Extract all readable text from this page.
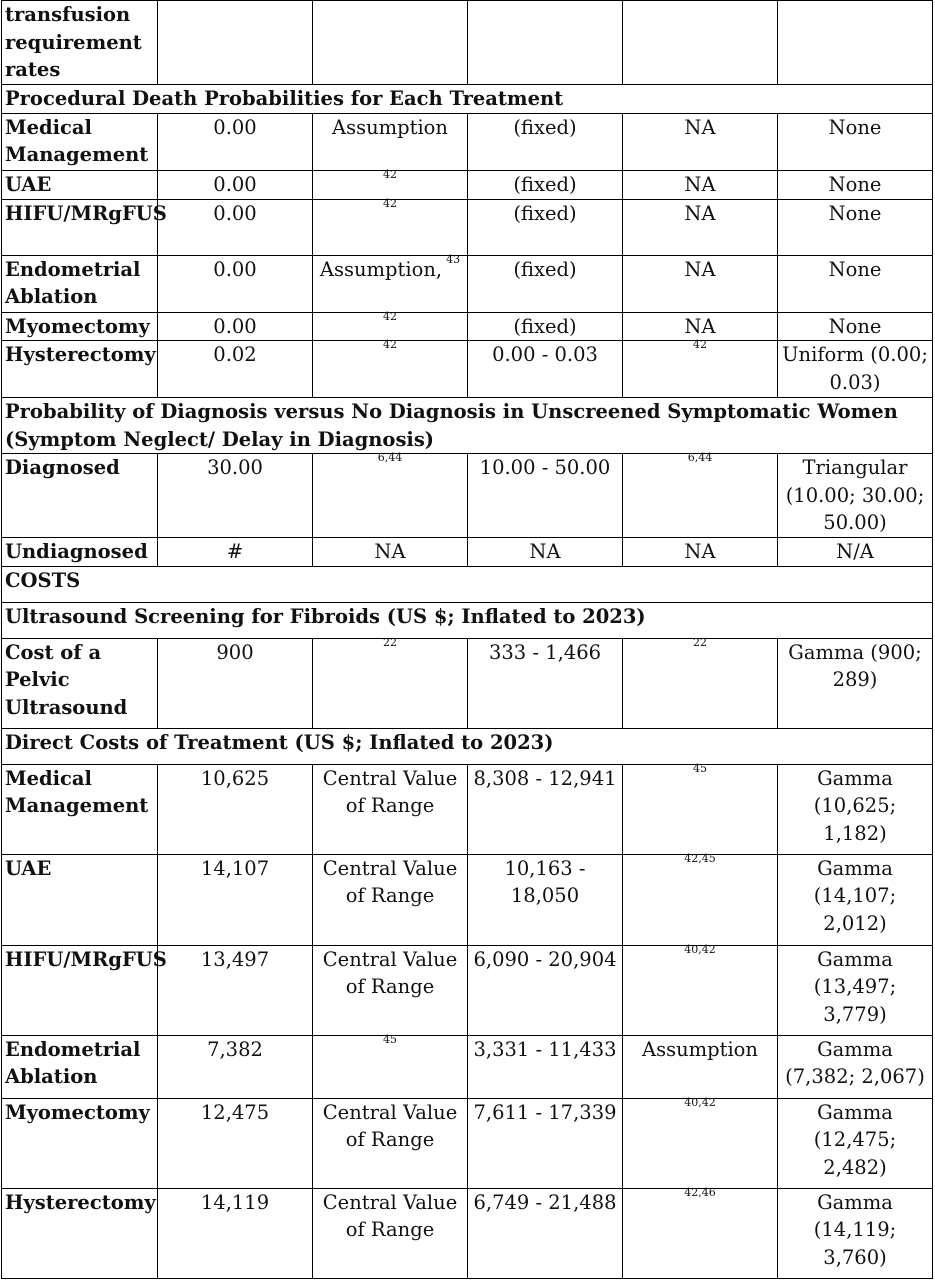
transfusion requirement rates					
Procedural Death Probabilities for Each Treatment					
Medical Management	0.00	Assumption	(fixed)	NA	None
UAE	0.00	$^{42}$	(fixed)	NA	None
HIFU/MRgFUS	0.00	$^{42}$	(fixed)	NA	None
Endometrial Ablation	0.00	Assumption, $^{43}$	(fixed)	NA	None
Myomectomy	0.00	$^{42}$	(fixed)	NA	None
Hysterectomy	0.02	$^{42}$	0.00 - 0.03	$^{42}$	Uniform (0.00; 0.03)
Probability of Diagnosis versus No Diagnosis in Unscreened Symptomatic Women (Symptom Neglect/ Delay in Diagnosis)					
Diagnosed	30.00	$^{6,44}$	10.00 - 50.00	$^{6,44}$	Triangular (10.00; 30.00; 50.00)
Undiagnosed	#	NA	NA	NA	N/A
COSTS					
Ultrasound Screening for Fibroids (US $; Inflated to 2023)					
Cost of a Pelvic Ultrasound	900	$^{22}$	333 - 1,466	$^{22}$	Gamma (900; 289)
Direct Costs of Treatment (US $; Inflated to 2023)					
Medical Management	10,625	Central Value of Range	8,308 - 12,941	$^{45}$	Gamma (10,625; 1,182)
UAE	14,107	Central Value of Range	10,163 - 18,050	$^{42,45}$	Gamma (14,107; 2,012)
HIFU/MRgFUS	13,497	Central Value of Range	6,090 - 20,904	$^{40,42}$	Gamma (13,497; 3,779)
Endometrial Ablation	7,382	$^{45}$	3,331 - 11,433	Assumption	Gamma (7,382; 2,067)
Myomectomy	12,475	Central Value of Range	7,611 - 17,339	$^{40,42}$	Gamma (12,475; 2,482)
Hysterectomy	14,119	Central Value of Range	6,749 - 21,488	$^{42,46}$	Gamma (14,119; 3,760)
